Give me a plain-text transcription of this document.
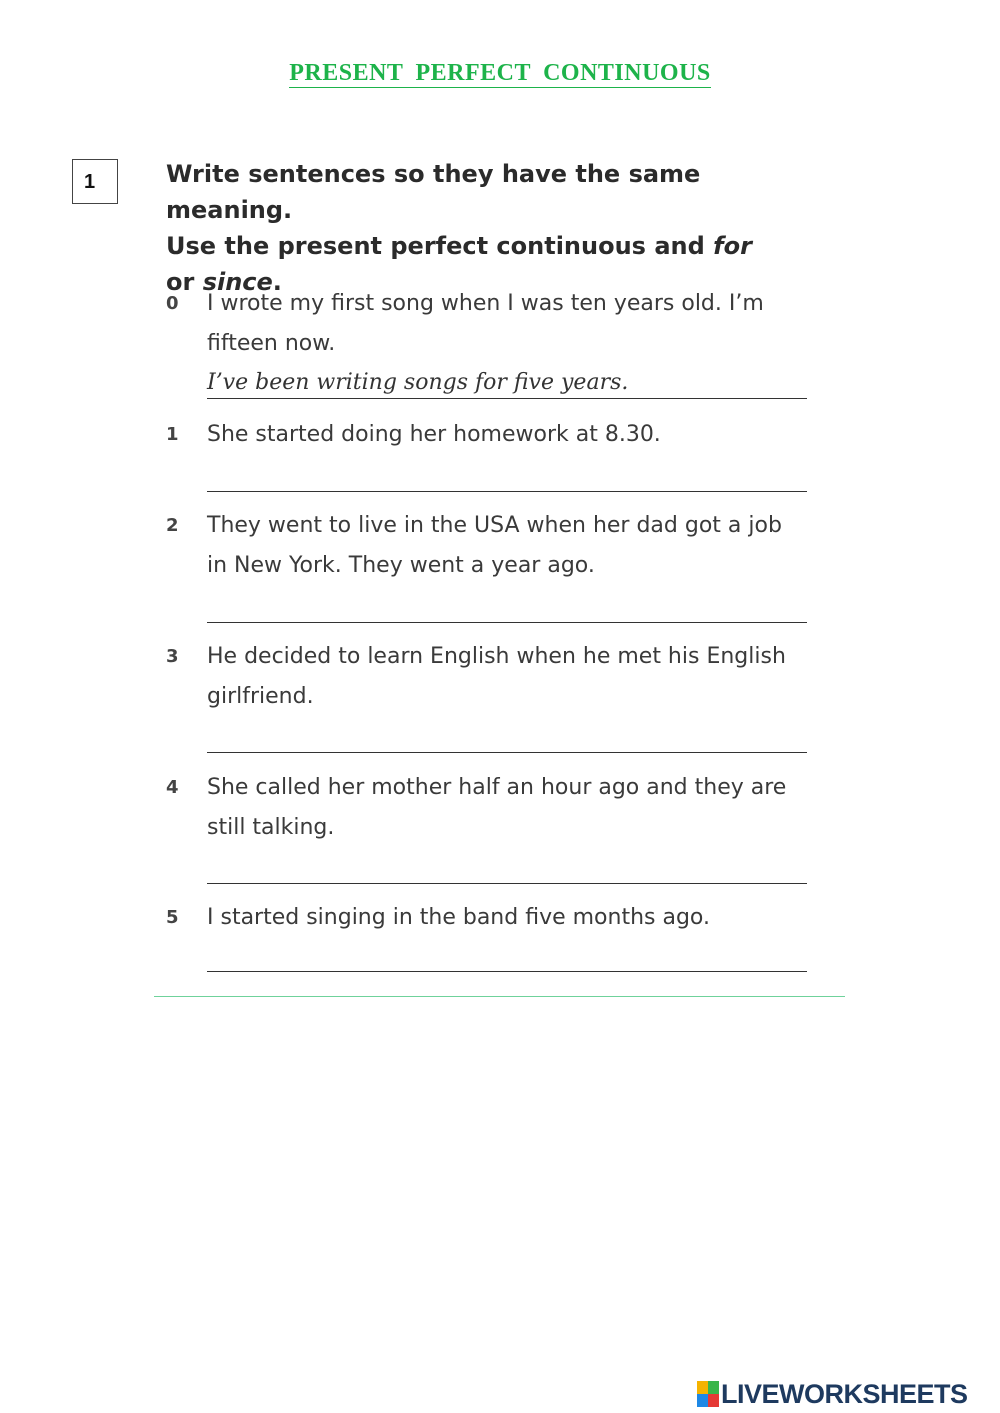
PRESENT PERFECT CONTINUOUS
1	Write sentences so they have the same meaning.
Use the present perfect continuous and for
or since.
0 I wrote my first song when I was ten years old. I’m fifteen now.
I’ve been writing songs for five years.
1 She started doing her homework at 8.30.
2 They went to live in the USA when her dad got a job in New York. They went a year ago.
3 He decided to learn English when he met his English girlfriend.
4 She called her mother half an hour ago and they are still talking.
5 I started singing in the band five months ago.
LIVEWORKSHEETS
